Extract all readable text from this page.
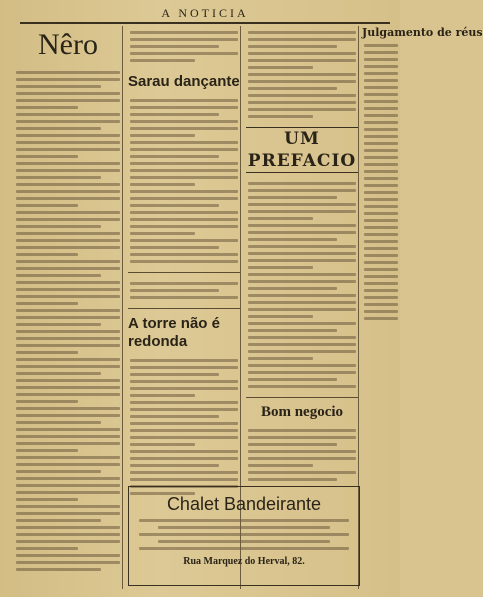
A NOTICIA
Nêro
Sarau dançante
A torre não é redonda
UM PREFACIO
Bom negocio
Julgamento de réus
Chalet Bandeirante
Rua Marquez do Herval, 82.
